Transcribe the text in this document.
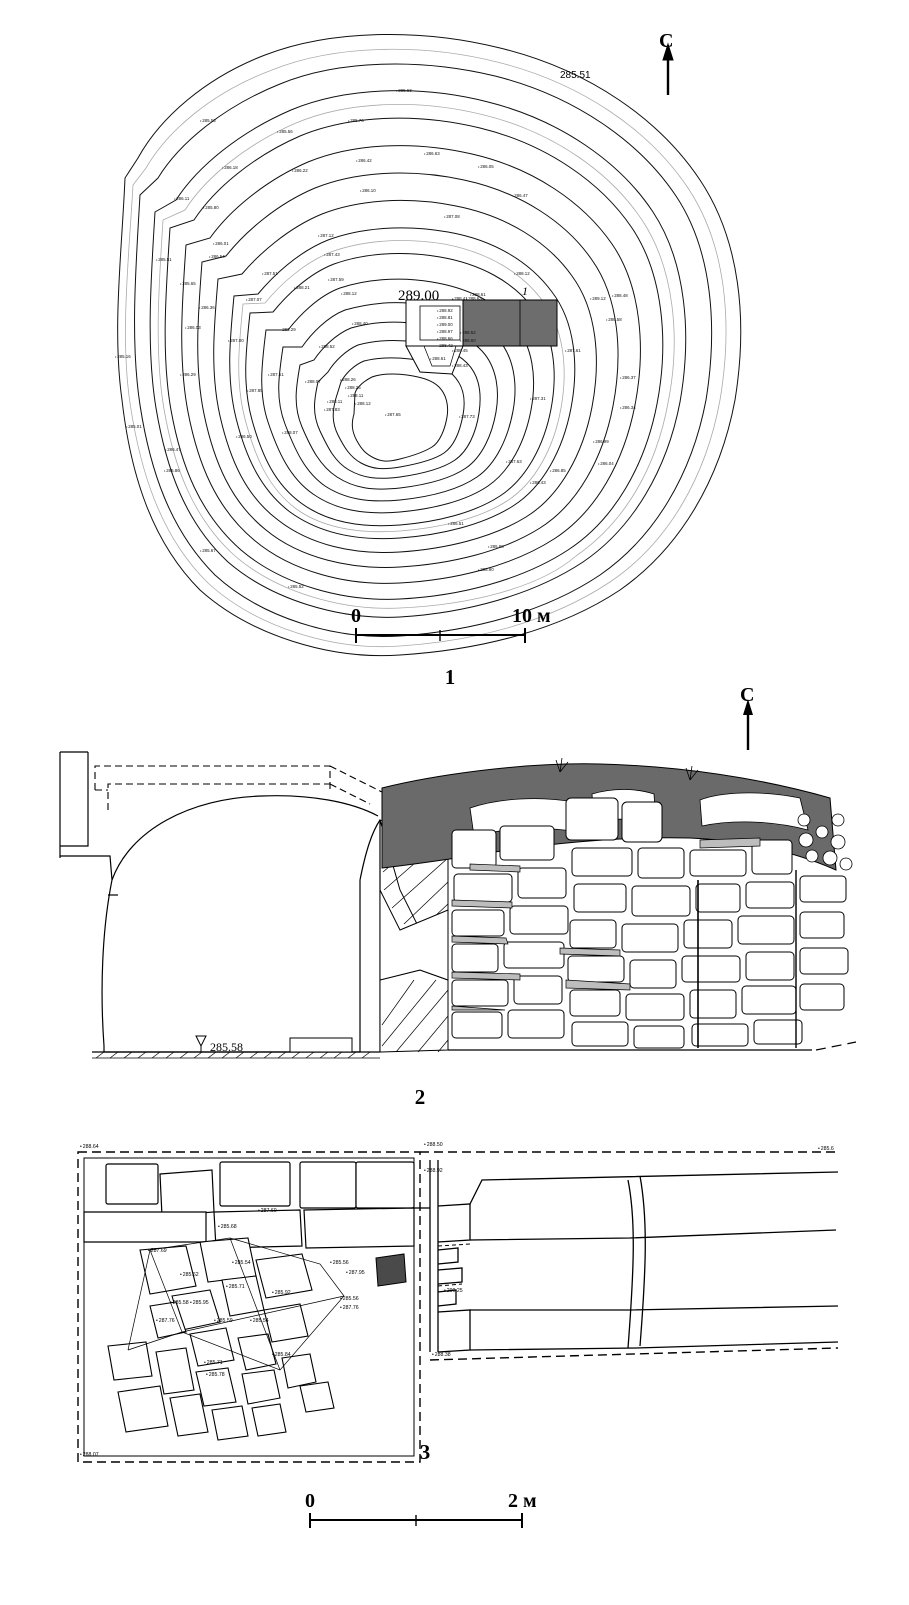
С
289.00
285.51
1
0	10 м
1
• 285.53
• 285.63
• 285.56
• 285.76
• 286.63
• 286.05
• 286.18
• 286.22
• 286.42
• 286.10
• 285.80
• 286.47
• 287.08
• 285.51
• 286.01
• 287.12
• 287.43
• 286.54
• 287.51
• 287.59
• 288.21
• 285.65
• 286.36
• 287.07
• 288.12
• 288.40
• 286.03
• 287.00
• 285.16
• 286.29
• 288.52
• 286.29	• 287.61
• 288.26
• 288.25
• 288.11
• 287.85
• 288.07
• 288.11	• 288.12
• 287.83
• 288.07
• 287.65
• 286.50
• 287.73
• 288.12
• 288.61
• 289.12
• 288.48
• 286.58
• 287.61
• 286.37
• 287.31
• 286.34
• 286.99
• 286.04
• 287.63
• 286.85
• 286.43
• 286.51
• 285.98
• 285.90
• 285.67
• 285.52
• 285.86
• 285.01
• 286.47
• 286.11
• 288.92
• 288.81
• 289.00
• 288.97
• 288.66
• 288.42
• 288.52
• 288.60
• 288.45
• 288.63
• 288.41
• 288.61
• 288.43
С
285.58
2
3
0	2 м
• 287.60
• 285.68
• 287.69
• 285.54	• 285.56
• 287.95
• 285.62
• 285.71
• 285.58 • 285.95
• 285.92
• 285.56
• 287.76
• 287.76	• 285.59	• 285.54
• 285.84
• 285.71
• 285.78
• 290.25
• 288.64	• 288.50
• 285.6
• 288.92
• 288.07
• 288.38
